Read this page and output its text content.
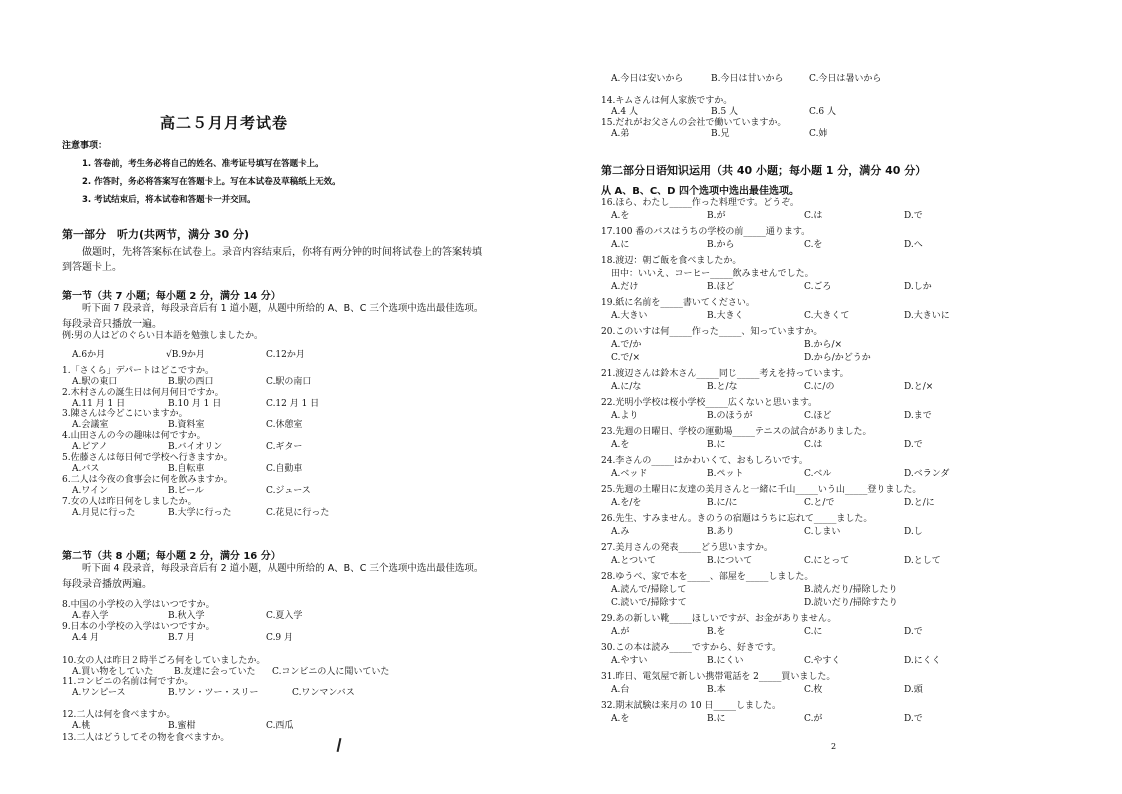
高二５月月考试卷
注意事项：
1. 答卷前，考生务必将自己的姓名、准考证号填写在答题卡上。
2. 作答时，务必将答案写在答题卡上。写在本试卷及草稿纸上无效。
3. 考试结束后，将本试卷和答题卡一并交回。
第一部分　听力(共两节，满分 30 分)
做题时，先将答案标在试卷上。录音内容结束后，你将有两分钟的时间将试卷上的答案转填
到答题卡上。
第一节（共 7 小题；每小题 2 分，满分 14 分）
听下面 7 段录音，每段录音后有 1 道小题，从题中所给的 A、B、C 三个选项中选出最佳选项。
每段录音只播放一遍。
例:男の人はどのぐらい日本語を勉強しましたか。
A.6か月	√B.9か月	C.12か月
1.「さくら」デパートはどこですか。
A.駅の東口	B.駅の西口	C.駅の南口
2.木村さんの誕生日は何月何日ですか。
A.11 月 1 日	B.10 月 1 日	C.12 月 1 日
3.陳さんは今どこにいますか。
A.会議室	B.資料室	C.休憩室
4.山田さんの今の趣味は何ですか。
A.ピアノ	B.バイオリン	C.ギター
5.佐藤さんは毎日何で学校へ行きますか。
A.バス	B.自転車	C.自動車
6.二人は今夜の食事会に何を飲みますか。
A.ワイン	B.ビール	C.ジュース
7.女の人は昨日何をしましたか。
A.月見に行った	B.大学に行った	C.花見に行った
第二节（共 8 小题；每小题 2 分，满分 16 分）
听下面 4 段录音，每段录音后有 2 道小题，从题中所给的 A、B、C 三个选项中选出最佳选项。
每段录音播放两遍。
8.中国の小学校の入学はいつですか。
A.春入学	B.秋入学	C.夏入学
9.日本の小学校の入学はいつですか。
A.4 月	B.7 月	C.9 月
10.女の人は昨日２時半ごろ何をしていましたか。
A.買い物をしていた B.友達に会っていた C.コンビニの人に聞いていた
11.コンビニの名前は何ですか。
A.ワンピース	B.ワン・ツー・スリー	C.ワンマンバス
12.二人は何を食べますか。
A.桃	B.蜜柑	C.西瓜
13.二人はどうしてその物を食べますか。
A.今日は安いから	B.今日は甘いから	C.今日は暑いから
14.キムさんは何人家族ですか。
A.4 人	B.5 人	C.6 人
15.だれがお父さんの会社で働いていますか。
A.弟	B.兄	C.姉
第二部分日语知识运用（共 40 小题；每小题 1 分，满分 40 分）
从 A、B、C、D 四个选项中选出最佳选项。
16.ほら、わたし_____作った料理です。どうぞ。
A.を	B.が	C.は	D.で
17.100 番のバスはうちの学校の前_____通ります。
A.に	B.から	C.を	D.へ
18.渡辺：朝ご飯を食べましたか。
田中：いいえ、コーヒー_____飲みませんでした。
A.だけ	B.ほど	C.ごろ	D.しか
19.紙に名前を_____書いてください。
A.大きい	B.大きく	C.大きくて	D.大きいに
20.このいすは何_____作った_____、知っていますか。
A.で/か	B.から/×
C.で/×	D.から/かどうか
21.渡辺さんは鈴木さん_____同じ_____考えを持っています。
A.に/な	B.と/な	C.に/の	D.と/×
22.光明小学校は桜小学校_____広くないと思います。
A.より	B.のほうが	C.ほど	D.まで
23.先週の日曜日、学校の運動場_____テニスの試合がありました。
A.を	B.に	C.は	D.で
24.李さんの_____はかわいくて、おもしろいです。
A.ベッド	B.ペット	C.ベル	D.ベランダ
25.先週の土曜日に友達の美月さんと一緒に千山_____いう山_____登りました。
A.を/を	B.に/に	C.と/で	D.と/に
26.先生、すみません。きのうの宿題はうちに忘れて_____ました。
A.み	B.あり	C.しまい	D.し
27.美月さんの発表_____どう思いますか。
A.とついて	B.について	C.にとって	D.として
28.ゆうべ、家で本を_____、部屋を_____しました。
A.読んで/掃除して	B.読んだり/掃除したり
C.読いで/掃除すて	D.読いだり/掃除すたり
29.あの新しい靴_____ほしいですが、お金がありません。
A.が	B.を	C.に	D.で
30.この本は読み_____ですから、好きです。
A.やすい	B.にくい	C.やすく	D.にくく
31.昨日、電気屋で新しい携帯電話を 2_____買いました。
A.台	B.本	C.枚	D.頭
32.期末試験は来月の 10 日_____しました。
A.を	B.に	C.が	D.で
2
